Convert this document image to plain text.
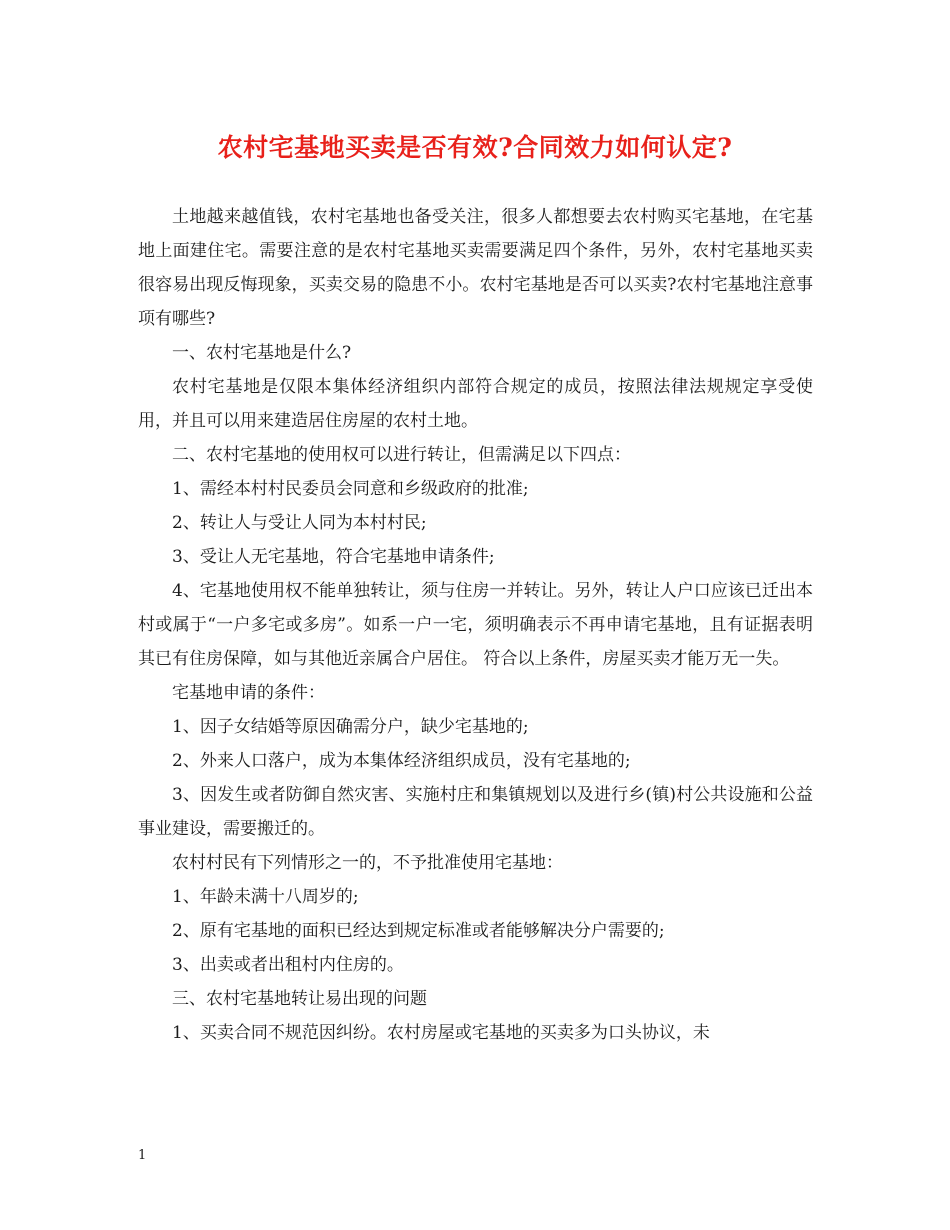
农村宅基地买卖是否有效?合同效力如何认定?

土地越来越值钱，农村宅基地也备受关注，很多人都想要去农村购买宅基地，在宅基地上面建住宅。需要注意的是农村宅基地买卖需要满足四个条件，另外，农村宅基地买卖很容易出现反悔现象，买卖交易的隐患不小。农村宅基地是否可以买卖?农村宅基地注意事项有哪些?

一、农村宅基地是什么?

农村宅基地是仅限本集体经济组织内部符合规定的成员，按照法律法规规定享受使用，并且可以用来建造居住房屋的农村土地。

二、农村宅基地的使用权可以进行转让，但需满足以下四点：

1、需经本村村民委员会同意和乡级政府的批准;

2、转让人与受让人同为本村村民;

3、受让人无宅基地，符合宅基地申请条件;

4、宅基地使用权不能单独转让，须与住房一并转让。另外，转让人户口应该已迁出本村或属于“一户多宅或多房”。如系一户一宅，须明确表示不再申请宅基地，且有证据表明其已有住房保障，如与其他近亲属合户居住。 符合以上条件，房屋买卖才能万无一失。

宅基地申请的条件：

1、因子女结婚等原因确需分户，缺少宅基地的;

2、外来人口落户，成为本集体经济组织成员，没有宅基地的;

3、因发生或者防御自然灾害、实施村庄和集镇规划以及进行乡(镇)村公共设施和公益事业建设，需要搬迁的。

农村村民有下列情形之一的，不予批准使用宅基地：

1、年龄未满十八周岁的;

2、原有宅基地的面积已经达到规定标准或者能够解决分户需要的;

3、出卖或者出租村内住房的。

三、农村宅基地转让易出现的问题

1、买卖合同不规范因纠纷。农村房屋或宅基地的买卖多为口头协议，未

1
